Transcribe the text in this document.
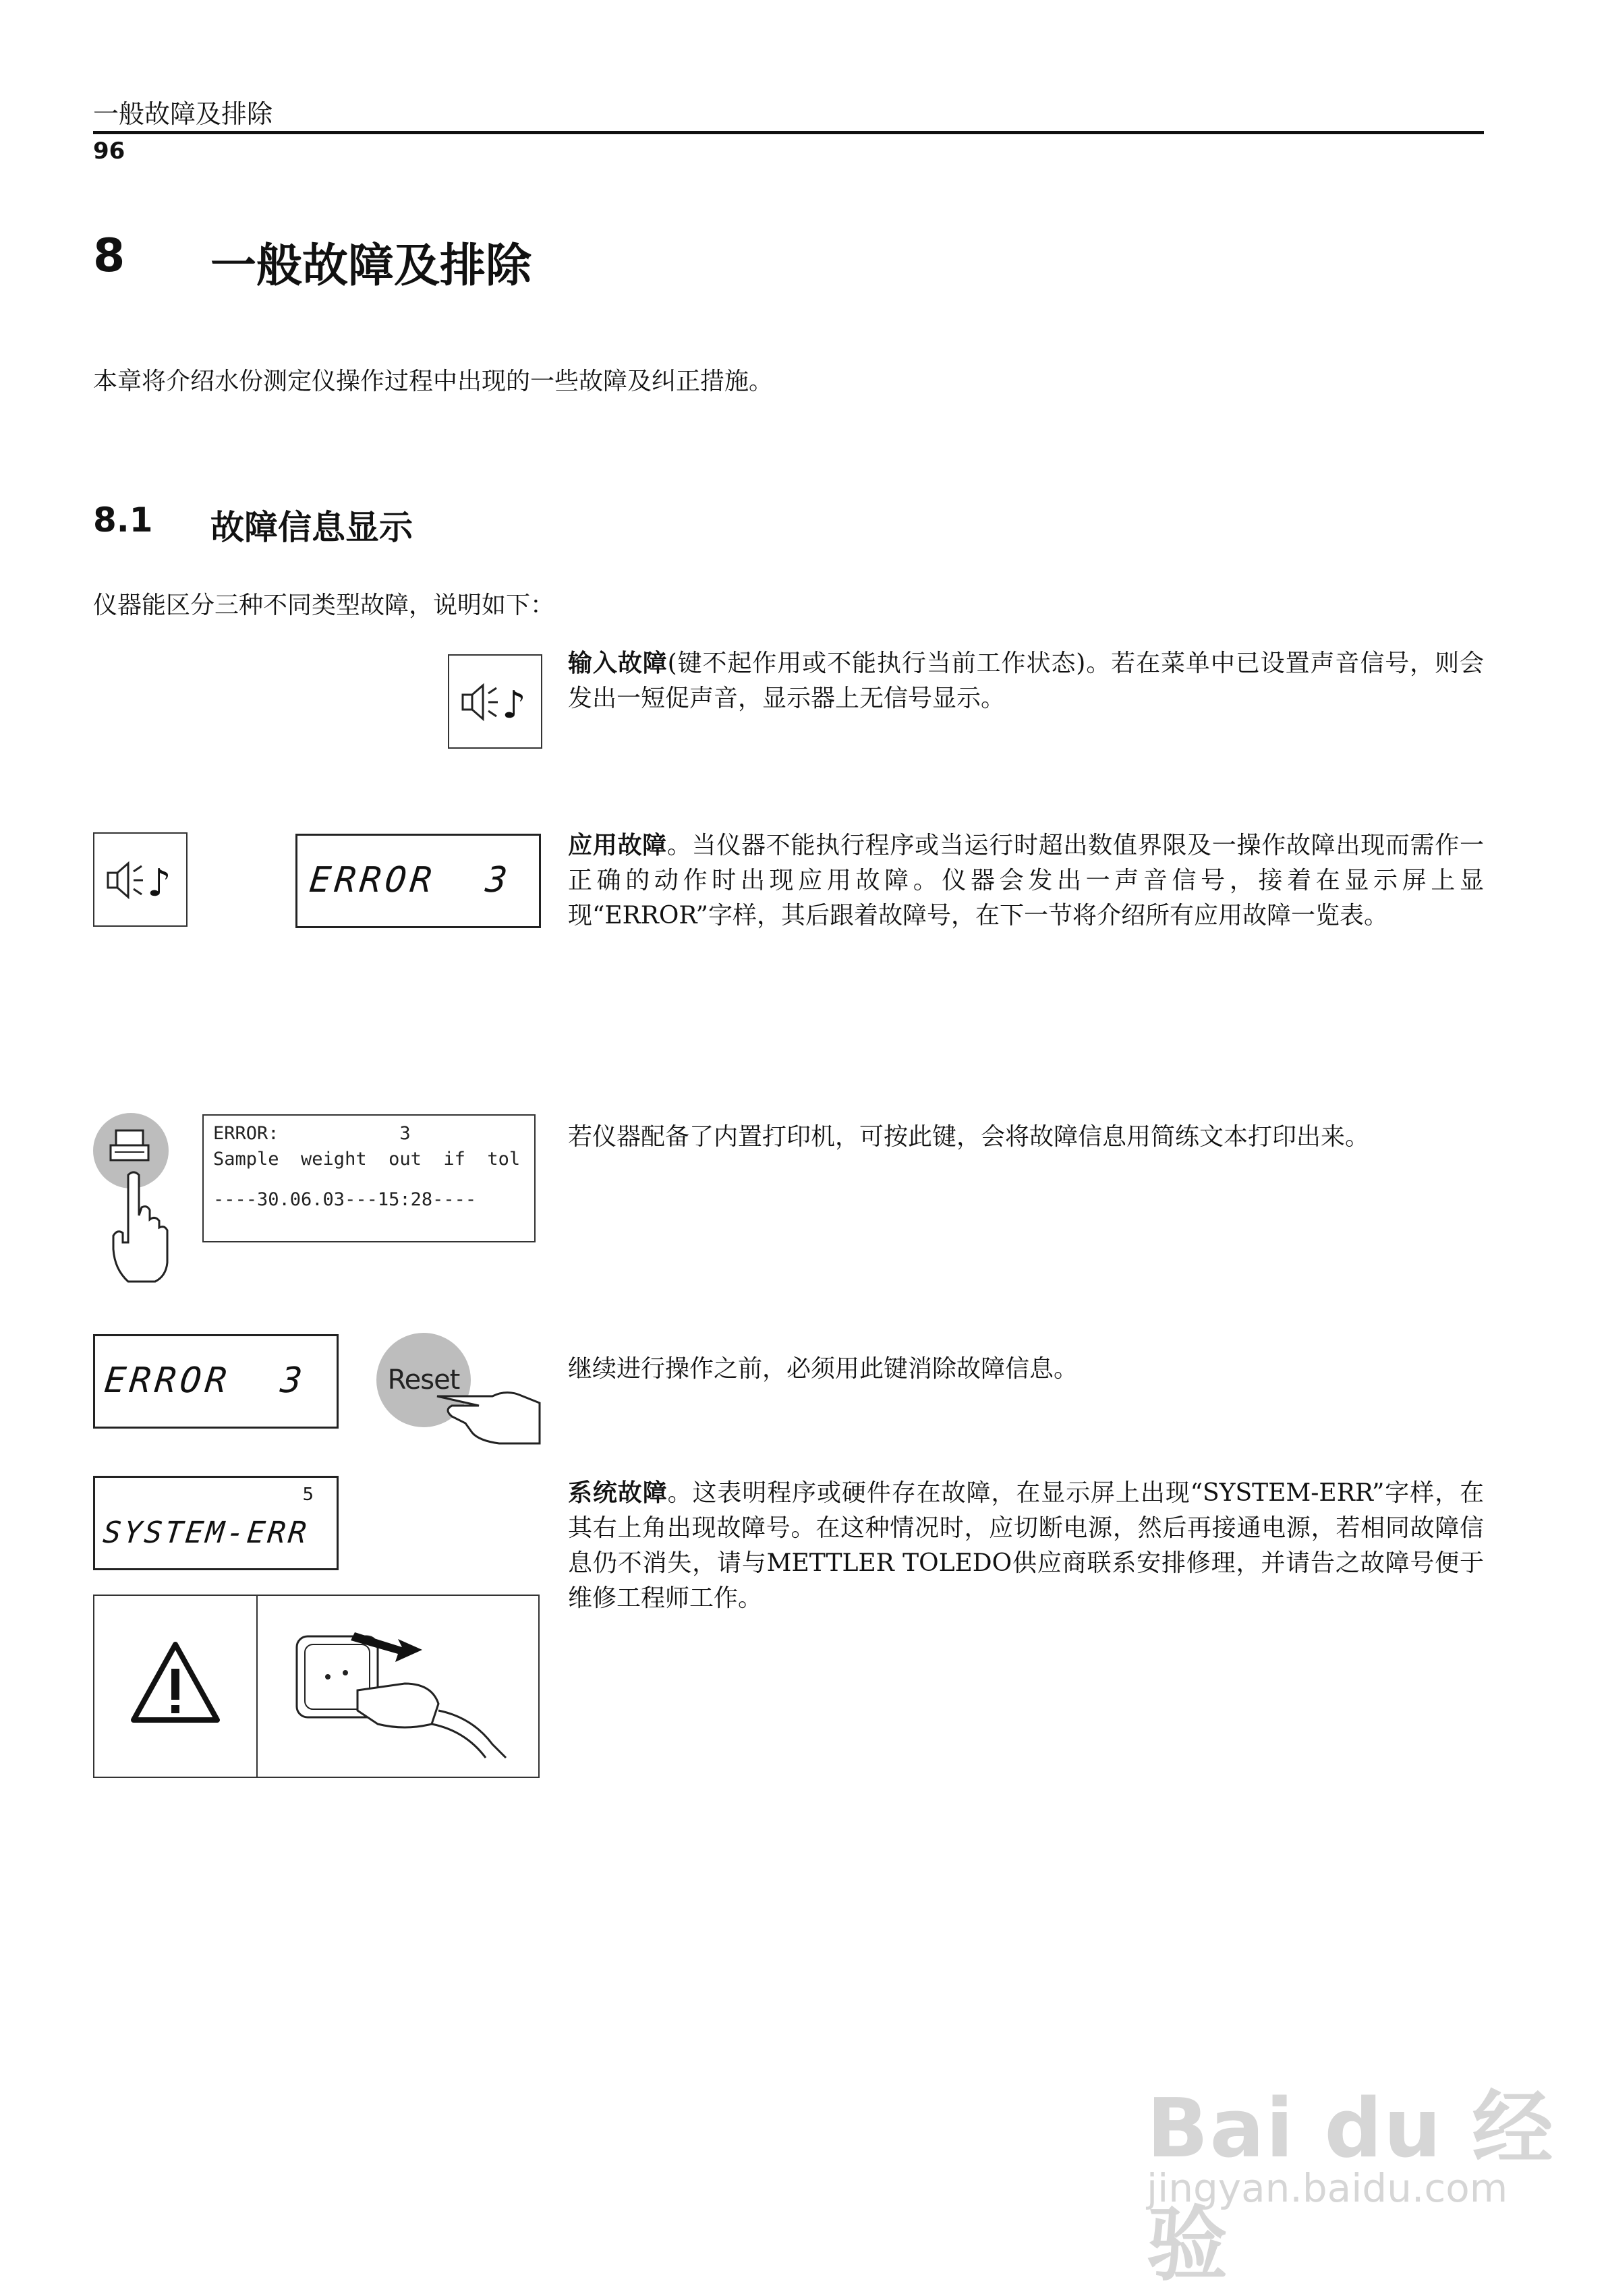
一般故障及排除
96
8 一般故障及排除
本章将介绍水份测定仪操作过程中出现的一些故障及纠正措施。
8.1 故障信息显示
仪器能区分三种不同类型故障，说明如下：
♪
输入故障(键不起作用或不能执行当前工作状态)。若在菜单中已设置声音信号，则会发出一短促声音，显示器上无信号显示。
♪	ERROR  3
应用故障。当仪器不能执行程序或当运行时超出数值界限及一操作故障出现而需作一正确的动作时出现应用故障。仪器会发出一声音信号，接着在显示屏上显现“ERROR”字样，其后跟着故障号，在下一节将介绍所有应用故障一览表。
ERROR:           3
Sample  weight  out  if  tol
----30.06.03---15:28----
若仪器配备了内置打印机，可按此键，会将故障信息用简练文本打印出来。
ERROR  3	Reset	继续进行操作之前，必须用此键消除故障信息。
5
SYSTEM-ERR
系统故障。这表明程序或硬件存在故障，在显示屏上出现“SYSTEM-ERR”字样，在其右上角出现故障号。在这种情况时，应切断电源，然后再接通电源，若相同故障信息仍不消失，请与METTLER TOLEDO供应商联系安排修理，并请告之故障号便于维修工程师工作。
Bai du 经验
jingyan.baidu.com
